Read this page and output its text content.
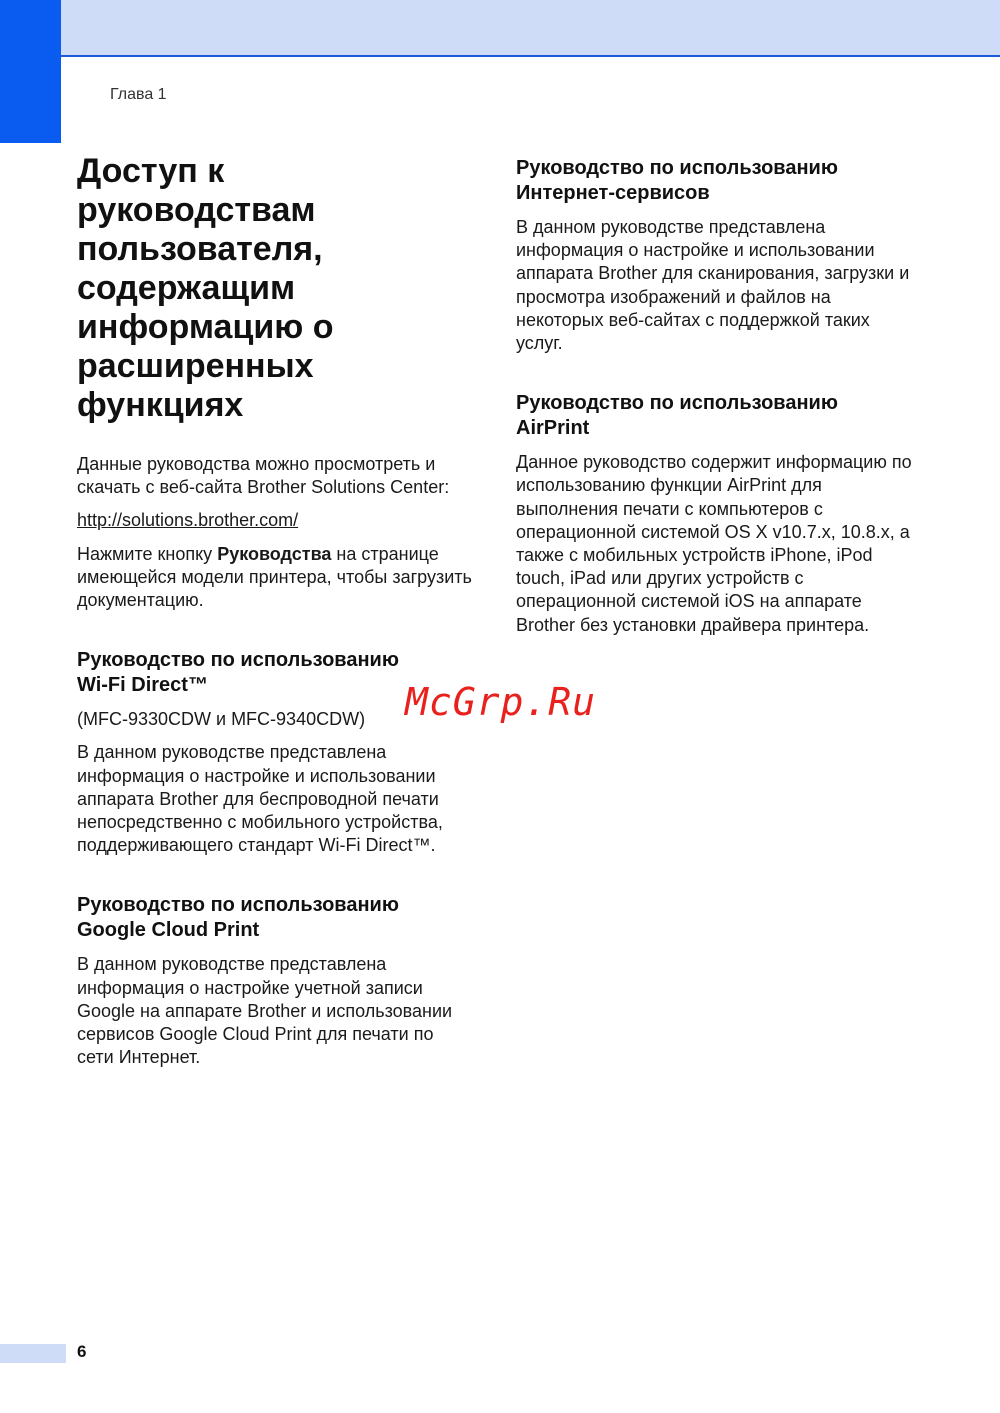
Глава 1
Доступ к руководствам пользователя, содержащим информацию о расширенных функциях

Данные руководства можно просмотреть и скачать с веб-сайта Brother Solutions Center:

http://solutions.brother.com/

Нажмите кнопку Руководства на странице имеющейся модели принтера, чтобы загрузить документацию.

Руководство по использованию
Wi-Fi Direct™

(MFC-9330CDW и MFC-9340CDW)

В данном руководстве представлена информация о настройке и использовании аппарата Brother для беспроводной печати непосредственно с мобильного устройства, поддерживающего стандарт Wi-Fi Direct™.

Руководство по использованию
Google Cloud Print

В данном руководстве представлена информация о настройке учетной записи Google на аппарате Brother и использовании сервисов Google Cloud Print для печати по сети Интернет.

Руководство по использованию
Интернет-сервисов

В данном руководстве представлена информация о настройке и использовании аппарата Brother для сканирования, загрузки и просмотра изображений и файлов на некоторых веб-сайтах с поддержкой таких услуг.

Руководство по использованию
AirPrint

Данное руководство содержит информацию по использованию функции AirPrint для выполнения печати с компьютеров с операционной системой OS X v10.7.x, 10.8.x, а также с мобильных устройств iPhone, iPod touch, iPad или других устройств с операционной системой iOS на аппарате Brother без установки драйвера принтера.

McGrp.Ru
6
